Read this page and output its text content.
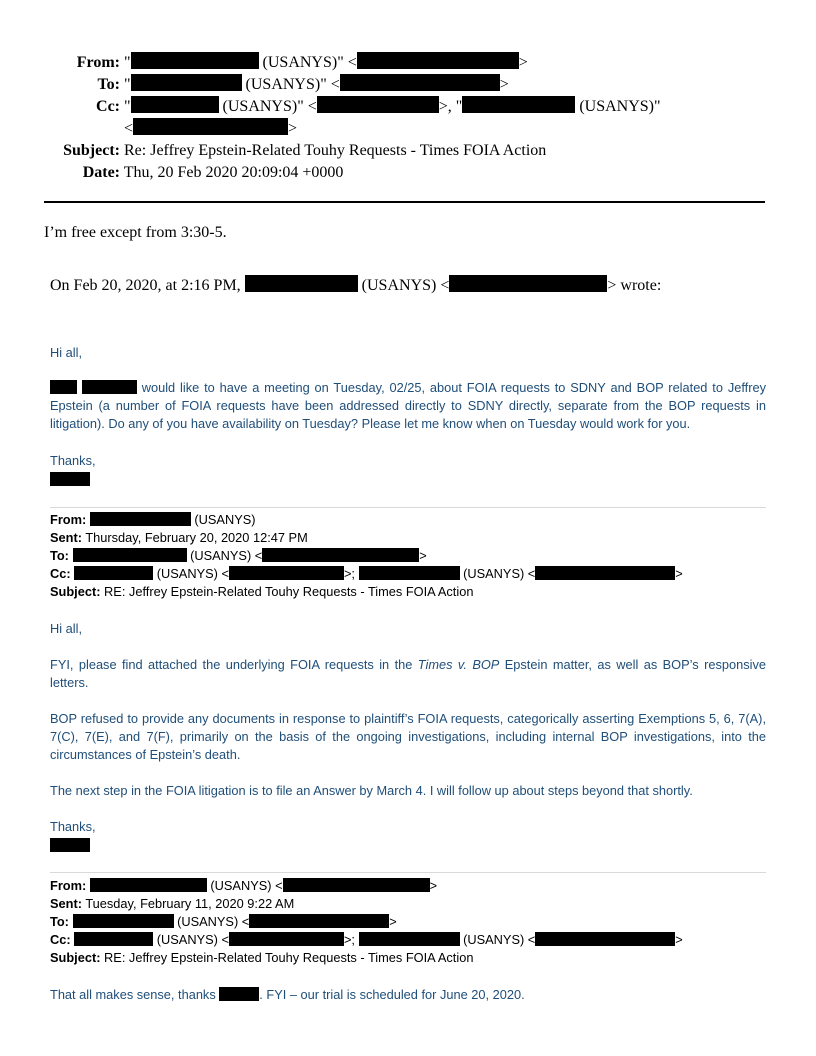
From: "	(USANYS)" <	>
To: "	(USANYS)" <	>
Cc: "	(USANYS)" <	>, "	(USANYS)"
<	>
Subject: Re: Jeffrey Epstein-Related Touhy Requests - Times FOIA Action
Date: Thu, 20 Feb 2020 20:09:04 +0000
I’m free except from 3:30-5.
On Feb 20, 2020, at 2:16 PM,	(USANYS) <	> wrote:
Hi all,
would like to have a meeting on Tuesday, 02/25, about FOIA requests to SDNY and BOP related to Jeffrey Epstein (a number of FOIA requests have been addressed directly to SDNY directly, separate from the BOP requests in litigation). Do any of you have availability on Tuesday? Please let me know when on Tuesday would work for you.
Thanks,
From:	(USANYS)
Sent: Thursday, February 20, 2020 12:47 PM
To:	(USANYS) <	>
Cc:	(USANYS) <	>;	(USANYS) <	>
Subject: RE: Jeffrey Epstein-Related Touhy Requests - Times FOIA Action
Hi all,
FYI, please find attached the underlying FOIA requests in the Times v. BOP Epstein matter, as well as BOP’s responsive letters.
BOP refused to provide any documents in response to plaintiff’s FOIA requests, categorically asserting Exemptions 5, 6, 7(A), 7(C), 7(E), and 7(F), primarily on the basis of the ongoing investigations, including internal BOP investigations, into the circumstances of Epstein’s death.
The next step in the FOIA litigation is to file an Answer by March 4. I will follow up about steps beyond that shortly.
Thanks,
From:	(USANYS) <	>
Sent: Tuesday, February 11, 2020 9:22 AM
To:	(USANYS) <	>
Cc:	(USANYS) <	>;	(USANYS) <	>
Subject: RE: Jeffrey Epstein-Related Touhy Requests - Times FOIA Action
That all makes sense, thanks	. FYI – our trial is scheduled for June 20, 2020.
